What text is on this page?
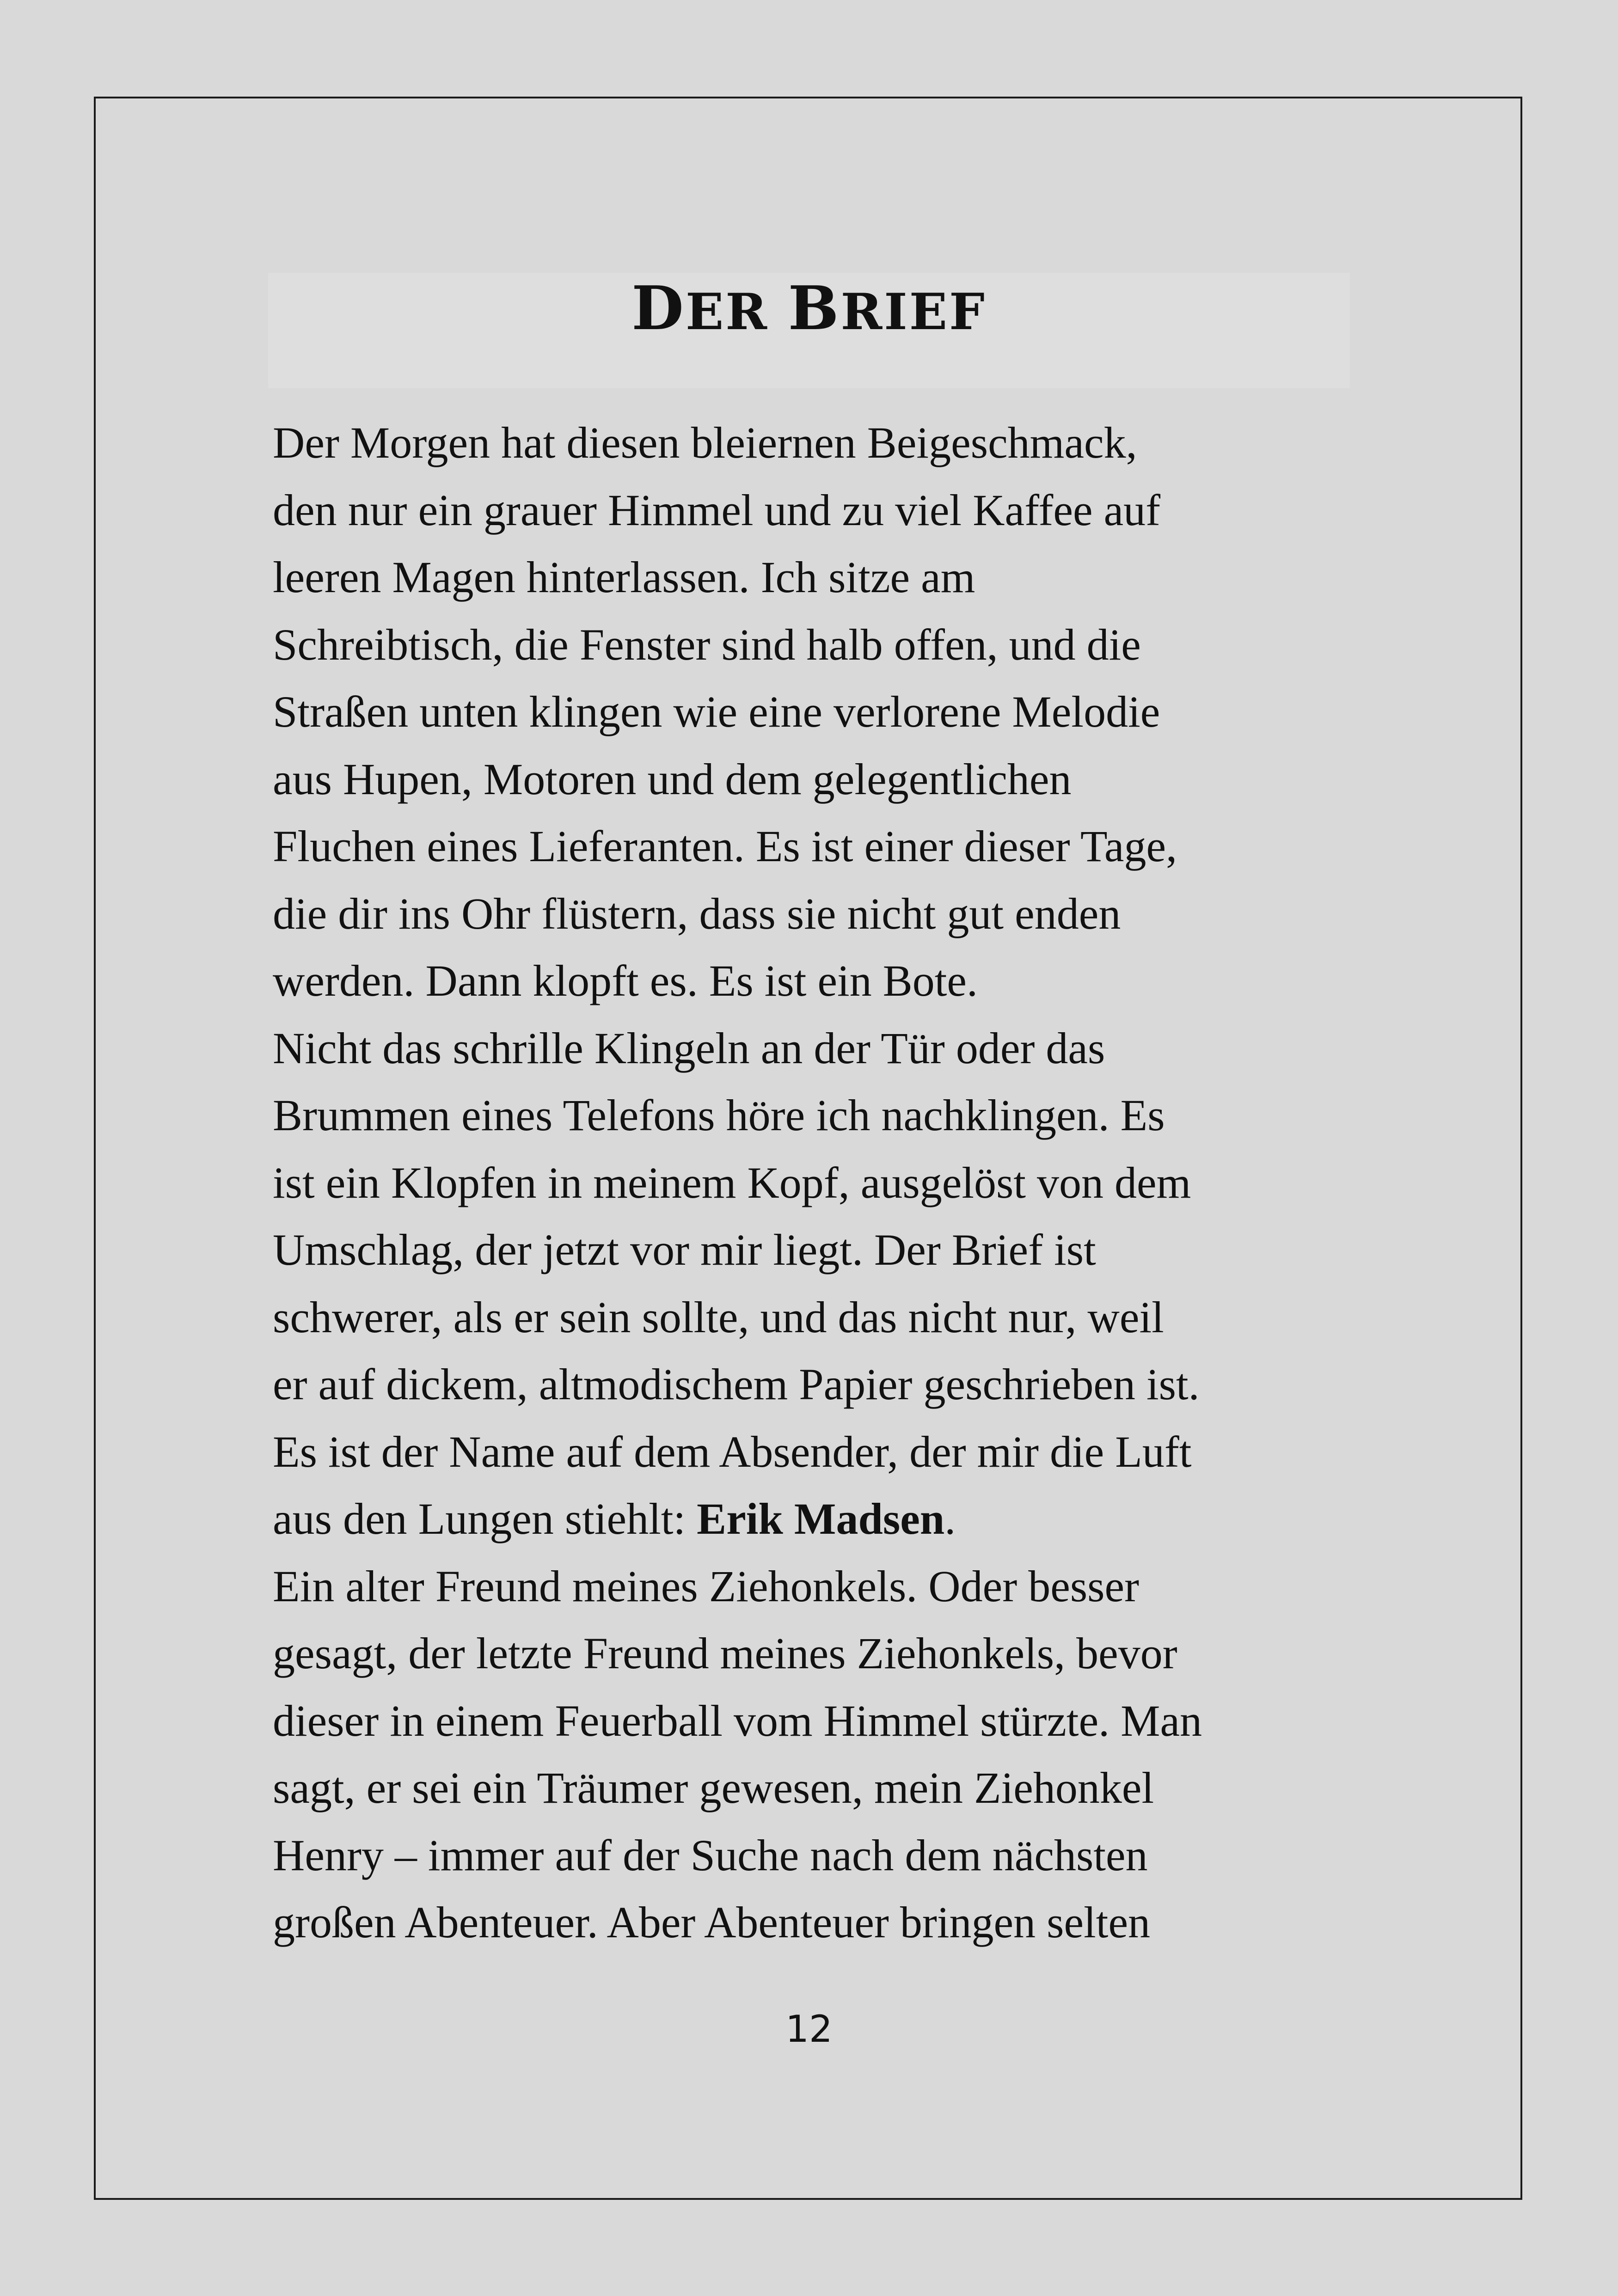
DER BRIEF

Der Morgen hat diesen bleiernen Beigeschmack,
den nur ein grauer Himmel und zu viel Kaffee auf
leeren Magen hinterlassen. Ich sitze am
Schreibtisch, die Fenster sind halb offen, und die
Straßen unten klingen wie eine verlorene Melodie
aus Hupen, Motoren und dem gelegentlichen
Fluchen eines Lieferanten. Es ist einer dieser Tage,
die dir ins Ohr flüstern, dass sie nicht gut enden
werden. Dann klopft es. Es ist ein Bote.

Nicht das schrille Klingeln an der Tür oder das
Brummen eines Telefons höre ich nachklingen. Es
ist ein Klopfen in meinem Kopf, ausgelöst von dem
Umschlag, der jetzt vor mir liegt. Der Brief ist
schwerer, als er sein sollte, und das nicht nur, weil
er auf dickem, altmodischem Papier geschrieben ist.
Es ist der Name auf dem Absender, der mir die Luft
aus den Lungen stiehlt: Erik Madsen.

Ein alter Freund meines Ziehonkels. Oder besser
gesagt, der letzte Freund meines Ziehonkels, bevor
dieser in einem Feuerball vom Himmel stürzte. Man
sagt, er sei ein Träumer gewesen, mein Ziehonkel
Henry – immer auf der Suche nach dem nächsten
großen Abenteuer. Aber Abenteuer bringen selten

12
